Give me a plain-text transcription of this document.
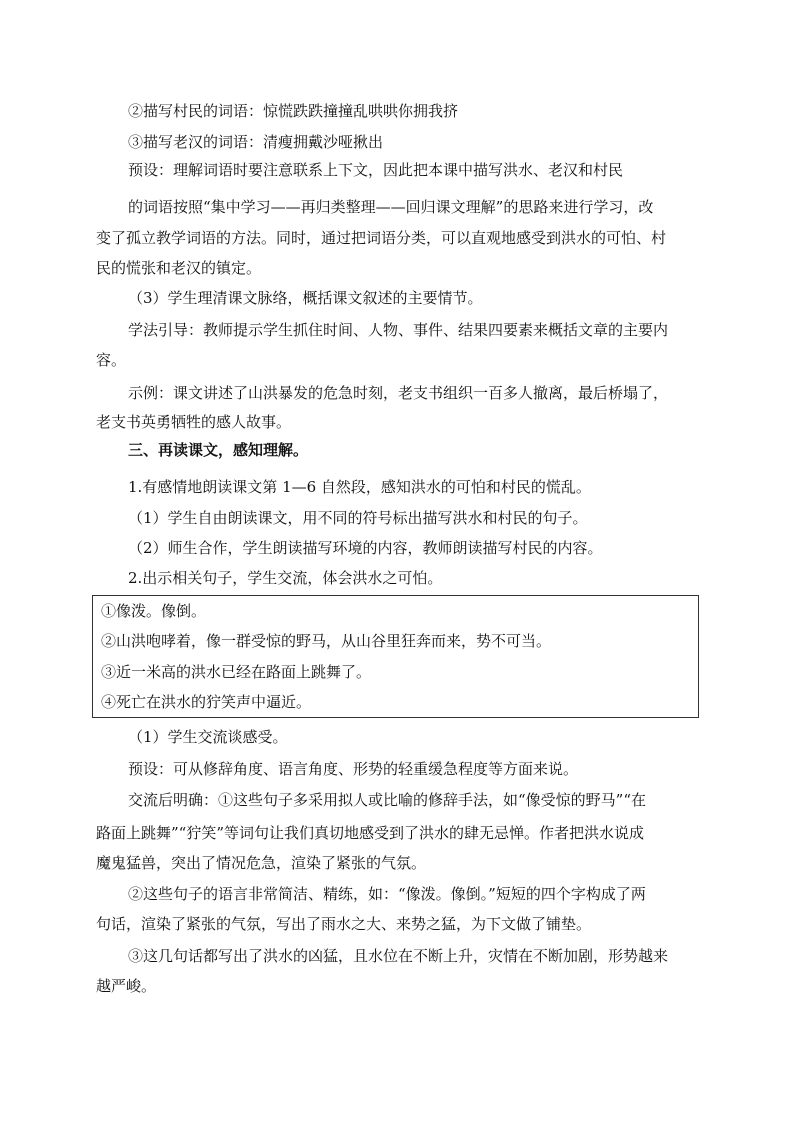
②描写村民的词语：惊慌跌跌撞撞乱哄哄你拥我挤
③描写老汉的词语：清瘦拥戴沙哑揪出
预设：理解词语时要注意联系上下文，因此把本课中描写洪水、老汉和村民
的词语按照“集中学习——再归类整理——回归课文理解”的思路来进行学习，改
变了孤立教学词语的方法。同时，通过把词语分类，可以直观地感受到洪水的可怕、村
民的慌张和老汉的镇定。
（3）学生理清课文脉络，概括课文叙述的主要情节。
学法引导：教师提示学生抓住时间、人物、事件、结果四要素来概括文章的主要内
容。
示例：课文讲述了山洪暴发的危急时刻，老支书组织一百多人撤离，最后桥塌了，
老支书英勇牺牲的感人故事。
三、再读课文，感知理解。
1.有感情地朗读课文第 1—6 自然段，感知洪水的可怕和村民的慌乱。
（1）学生自由朗读课文，用不同的符号标出描写洪水和村民的句子。
（2）师生合作，学生朗读描写环境的内容，教师朗读描写村民的内容。
2.出示相关句子，学生交流，体会洪水之可怕。
①像泼。像倒。
②山洪咆哮着，像一群受惊的野马，从山谷里狂奔而来，势不可当。
③近一米高的洪水已经在路面上跳舞了。
④死亡在洪水的狞笑声中逼近。
（1）学生交流谈感受。
预设：可从修辞角度、语言角度、形势的轻重缓急程度等方面来说。
交流后明确：①这些句子多采用拟人或比喻的修辞手法，如“像受惊的野马”“在
路面上跳舞”“狞笑”等词句让我们真切地感受到了洪水的肆无忌惮。作者把洪水说成
魔鬼猛兽，突出了情况危急，渲染了紧张的气氛。
②这些句子的语言非常简洁、精练，如：“像泼。像倒。”短短的四个字构成了两
句话，渲染了紧张的气氛，写出了雨水之大、来势之猛，为下文做了铺垫。
③这几句话都写出了洪水的凶猛，且水位在不断上升，灾情在不断加剧，形势越来
越严峻。
